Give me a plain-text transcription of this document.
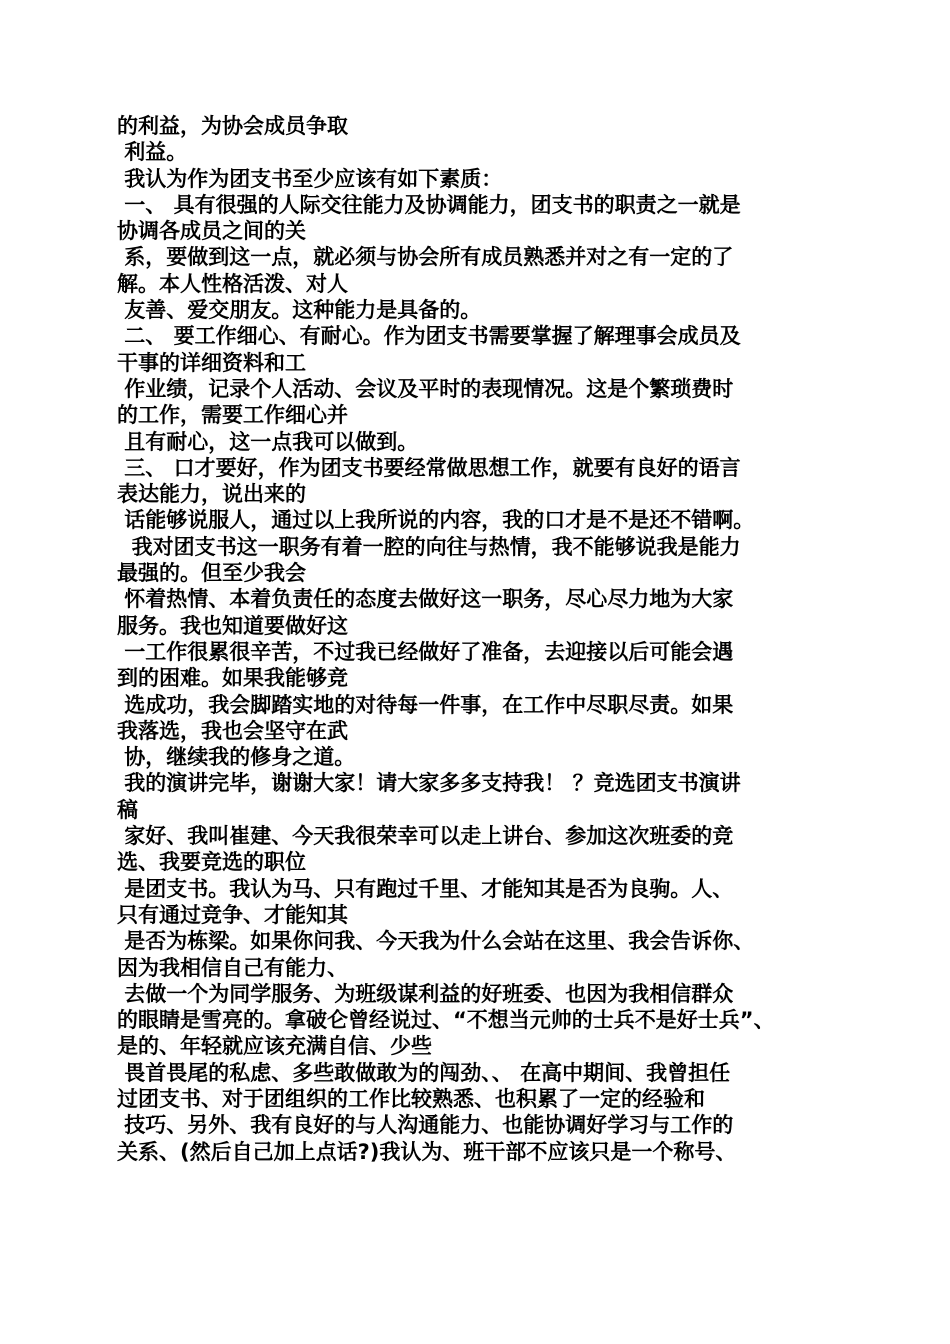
的利益，为协会成员争取
利益。
我认为作为团支书至少应该有如下素质：
一、 具有很强的人际交往能力及协调能力，团支书的职责之一就是
协调各成员之间的关
系，要做到这一点，就必须与协会所有成员熟悉并对之有一定的了
解。本人性格活泼、对人
友善、爱交朋友。这种能力是具备的。
二、 要工作细心、有耐心。作为团支书需要掌握了解理事会成员及
干事的详细资料和工
作业绩，记录个人活动、会议及平时的表现情况。这是个繁琐费时
的工作，需要工作细心并
且有耐心，这一点我可以做到。
三、 口才要好，作为团支书要经常做思想工作，就要有良好的语言
表达能力，说出来的
话能够说服人，通过以上我所说的内容，我的口才是不是还不错啊。
我对团支书这一职务有着一腔的向往与热情，我不能够说我是能力
最强的。但至少我会
怀着热情、本着负责任的态度去做好这一职务，尽心尽力地为大家
服务。我也知道要做好这
一工作很累很辛苦，不过我已经做好了准备，去迎接以后可能会遇
到的困难。如果我能够竞
选成功，我会脚踏实地的对待每一件事，在工作中尽职尽责。如果
我落选，我也会坚守在武
协，继续我的修身之道。
我的演讲完毕，谢谢大家！请大家多多支持我！ ？竞选团支书演讲
稿
家好、我叫崔建、今天我很荣幸可以走上讲台、参加这次班委的竞
选、我要竞选的职位
是团支书。我认为马、只有跑过千里、才能知其是否为良驹。人、
只有通过竞争、才能知其
是否为栋梁。如果你问我、今天我为什么会站在这里、我会告诉你、
因为我相信自己有能力、
去做一个为同学服务、为班级谋利益的好班委、也因为我相信群众
的眼睛是雪亮的。拿破仑曾经说过、“不想当元帅的士兵不是好士兵”、
是的、年轻就应该充满自信、少些
畏首畏尾的私虑、多些敢做敢为的闯劲、、 在高中期间、我曾担任
过团支书、对于团组织的工作比较熟悉、也积累了一定的经验和
技巧、另外、我有良好的与人沟通能力、也能协调好学习与工作的
关系、(然后自己加上点话?)我认为、班干部不应该只是一个称号、
